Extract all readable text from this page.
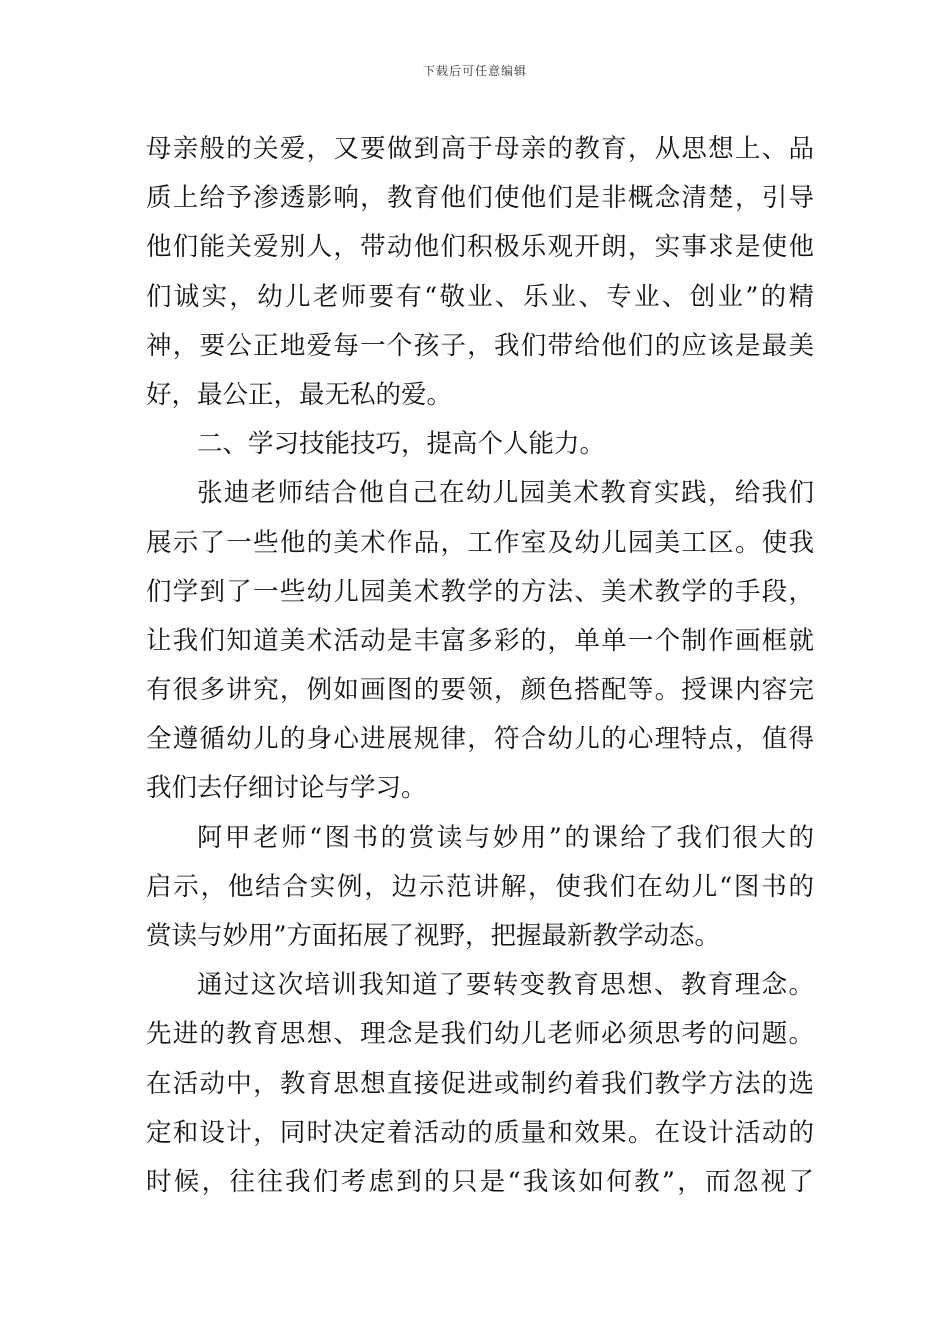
下载后可任意编辑
母亲般的关爱，又要做到高于母亲的教育，从思想上、品
质上给予渗透影响，教育他们使他们是非概念清楚，引导
他们能关爱别人，带动他们积极乐观开朗，实事求是使他
们诚实，幼儿老师要有“敬业、乐业、专业、创业”的精
神，要公正地爱每一个孩子，我们带给他们的应该是最美
好，最公正，最无私的爱。
二、学习技能技巧，提高个人能力。
张迪老师结合他自己在幼儿园美术教育实践，给我们
展示了一些他的美术作品，工作室及幼儿园美工区。使我
们学到了一些幼儿园美术教学的方法、美术教学的手段，
让我们知道美术活动是丰富多彩的，单单一个制作画框就
有很多讲究，例如画图的要领，颜色搭配等。授课内容完
全遵循幼儿的身心进展规律，符合幼儿的心理特点，值得
我们去仔细讨论与学习。
阿甲老师“图书的赏读与妙用”的课给了我们很大的
启示，他结合实例，边示范讲解，使我们在幼儿“图书的
赏读与妙用”方面拓展了视野，把握最新教学动态。
通过这次培训我知道了要转变教育思想、教育理念。
先进的教育思想、理念是我们幼儿老师必须思考的问题。
在活动中，教育思想直接促进或制约着我们教学方法的选
定和设计，同时决定着活动的质量和效果。在设计活动的
时候，往往我们考虑到的只是“我该如何教”，而忽视了
